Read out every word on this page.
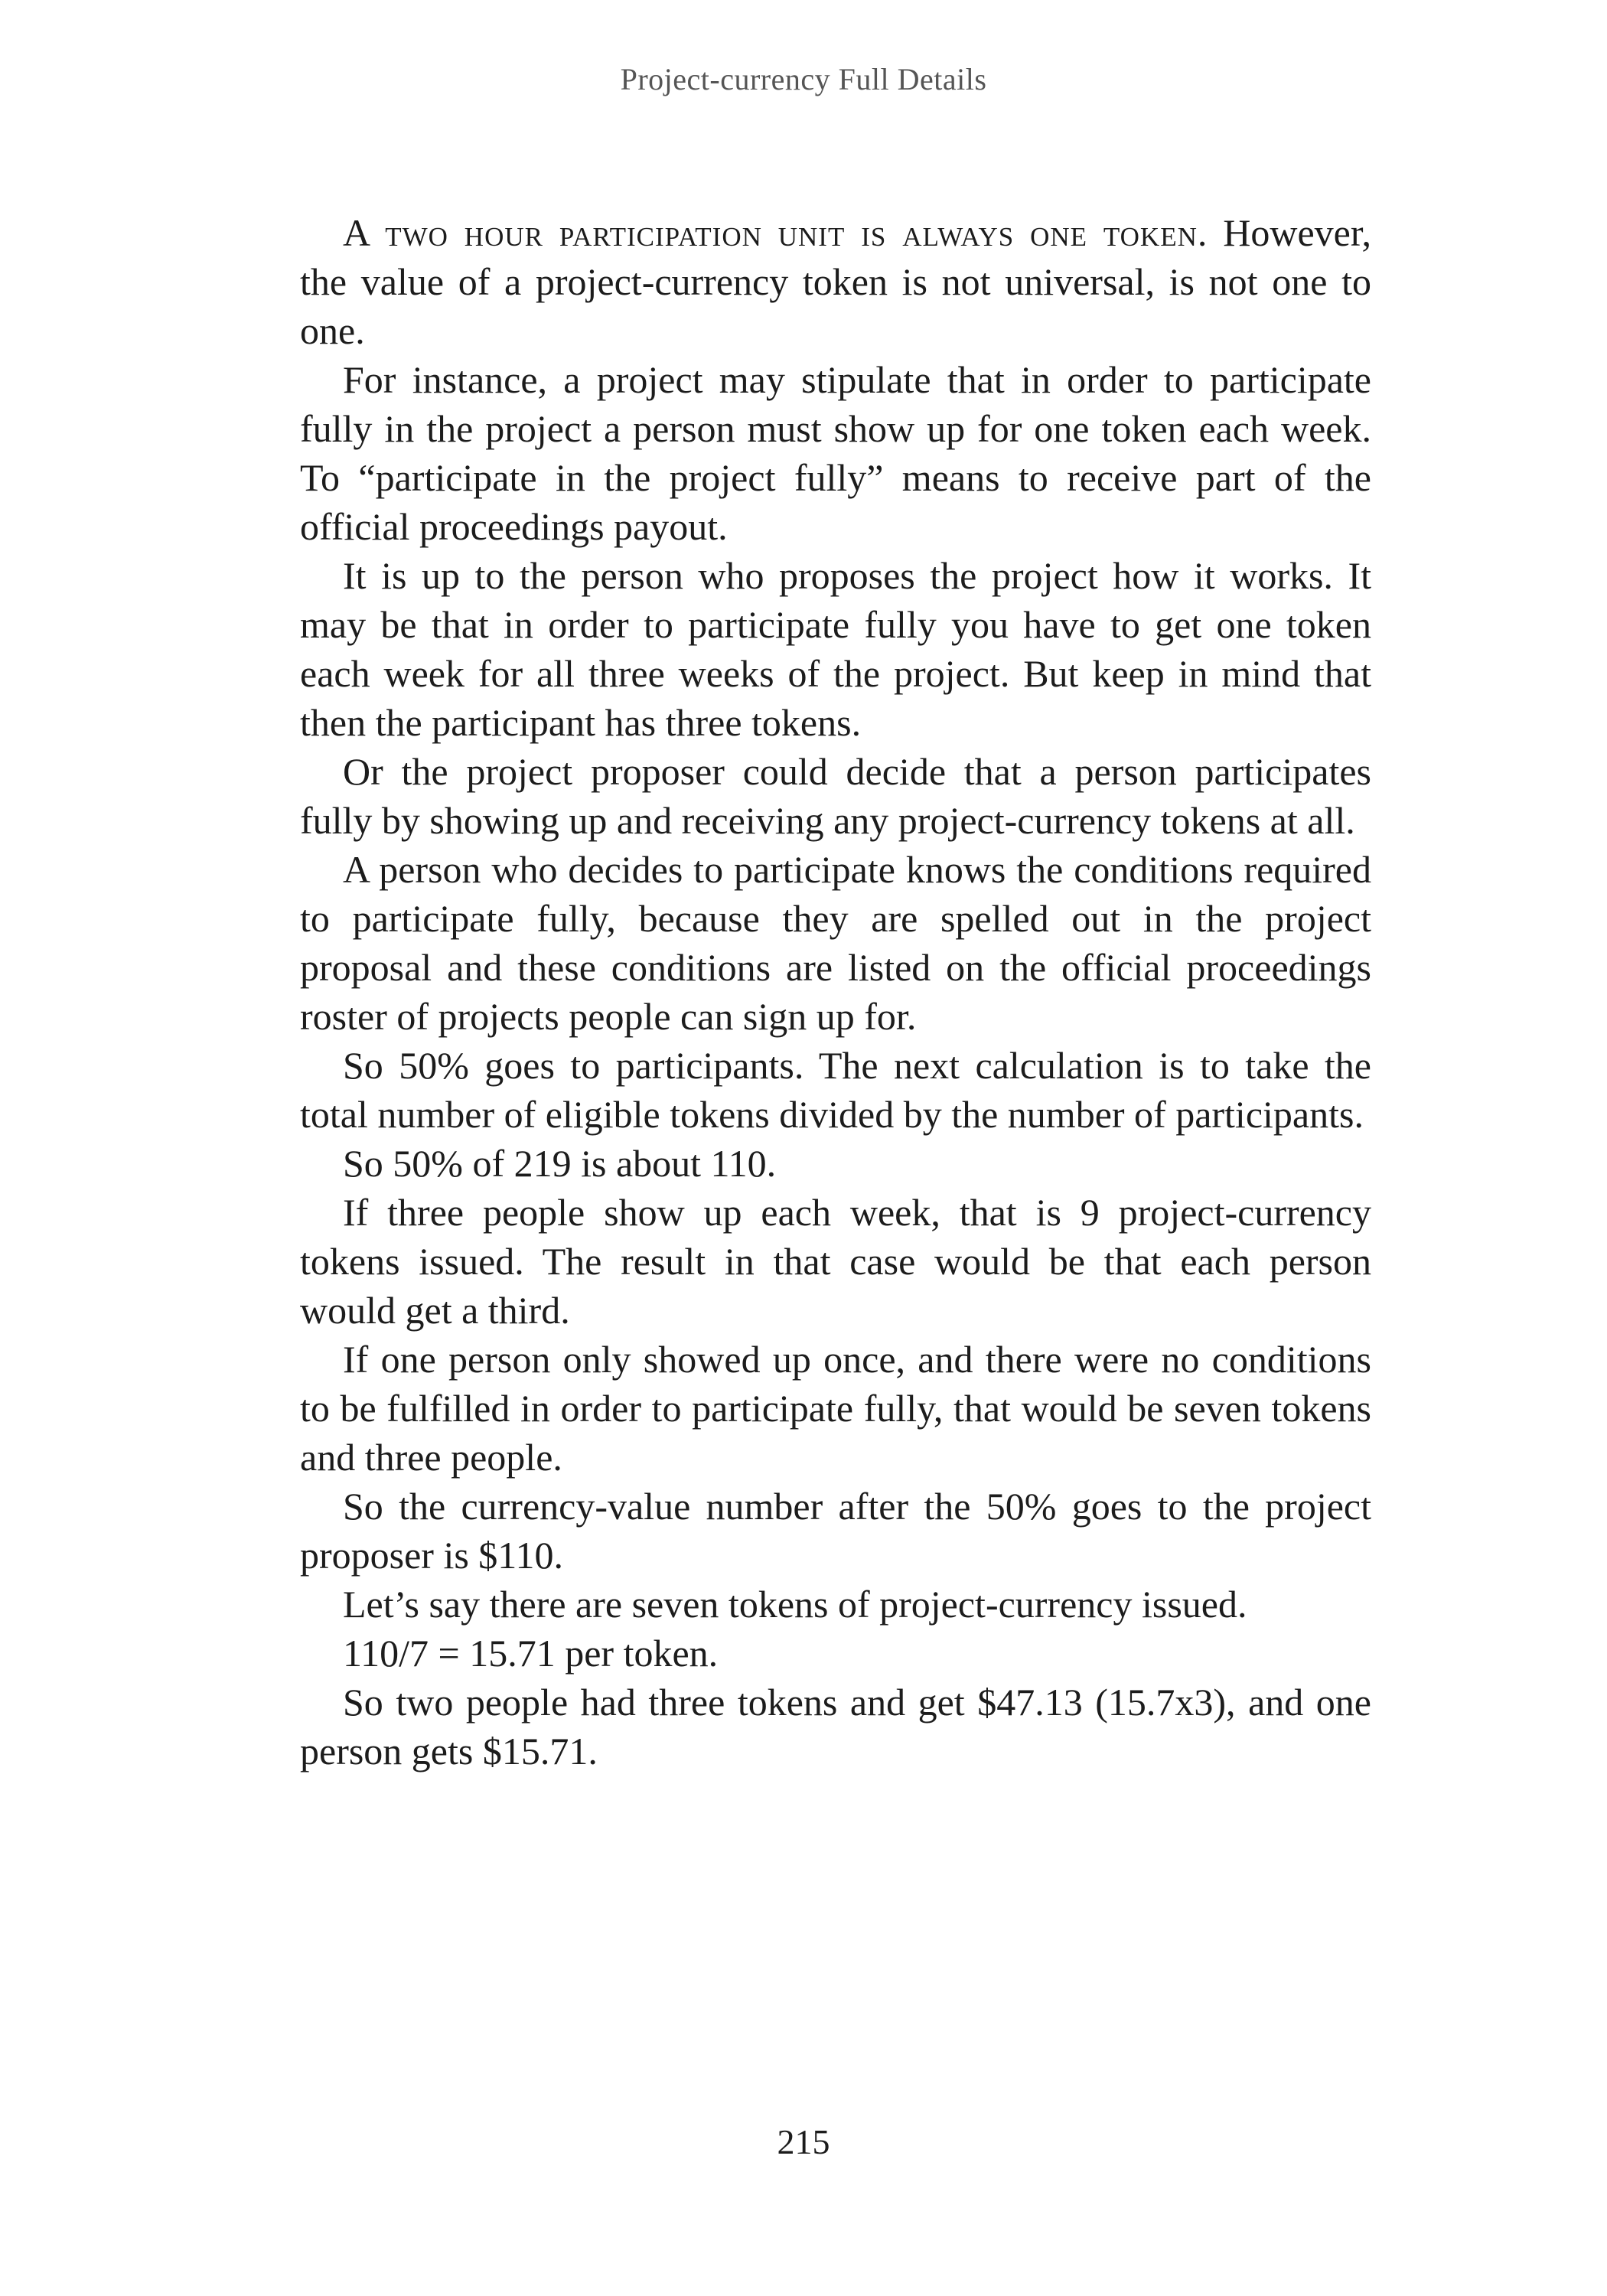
Project-currency Full Details

A two hour participation unit is always one token. However, the value of a project-currency token is not universal, is not one to one.

For instance, a project may stipulate that in order to participate fully in the project a person must show up for one token each week. To “participate in the project fully” means to receive part of the official proceedings payout.

It is up to the person who proposes the project how it works. It may be that in order to participate fully you have to get one token each week for all three weeks of the project. But keep in mind that then the participant has three tokens.

Or the project proposer could decide that a person participates fully by showing up and receiving any project-currency tokens at all.

A person who decides to participate knows the conditions required to participate fully, because they are spelled out in the project proposal and these conditions are listed on the official proceedings roster of projects people can sign up for.

So 50% goes to participants. The next calculation is to take the total number of eligible tokens divided by the number of participants.

So 50% of 219 is about 110.

If three people show up each week, that is 9 project-currency tokens issued. The result in that case would be that each person would get a third.

If one person only showed up once, and there were no conditions to be fulfilled in order to participate fully, that would be seven tokens and three people.

So the currency-value number after the 50% goes to the project proposer is $110.

Let’s say there are seven tokens of project-currency issued.

110/7 = 15.71 per token.

So two people had three tokens and get $47.13 (15.7x3), and one person gets $15.71.

215
